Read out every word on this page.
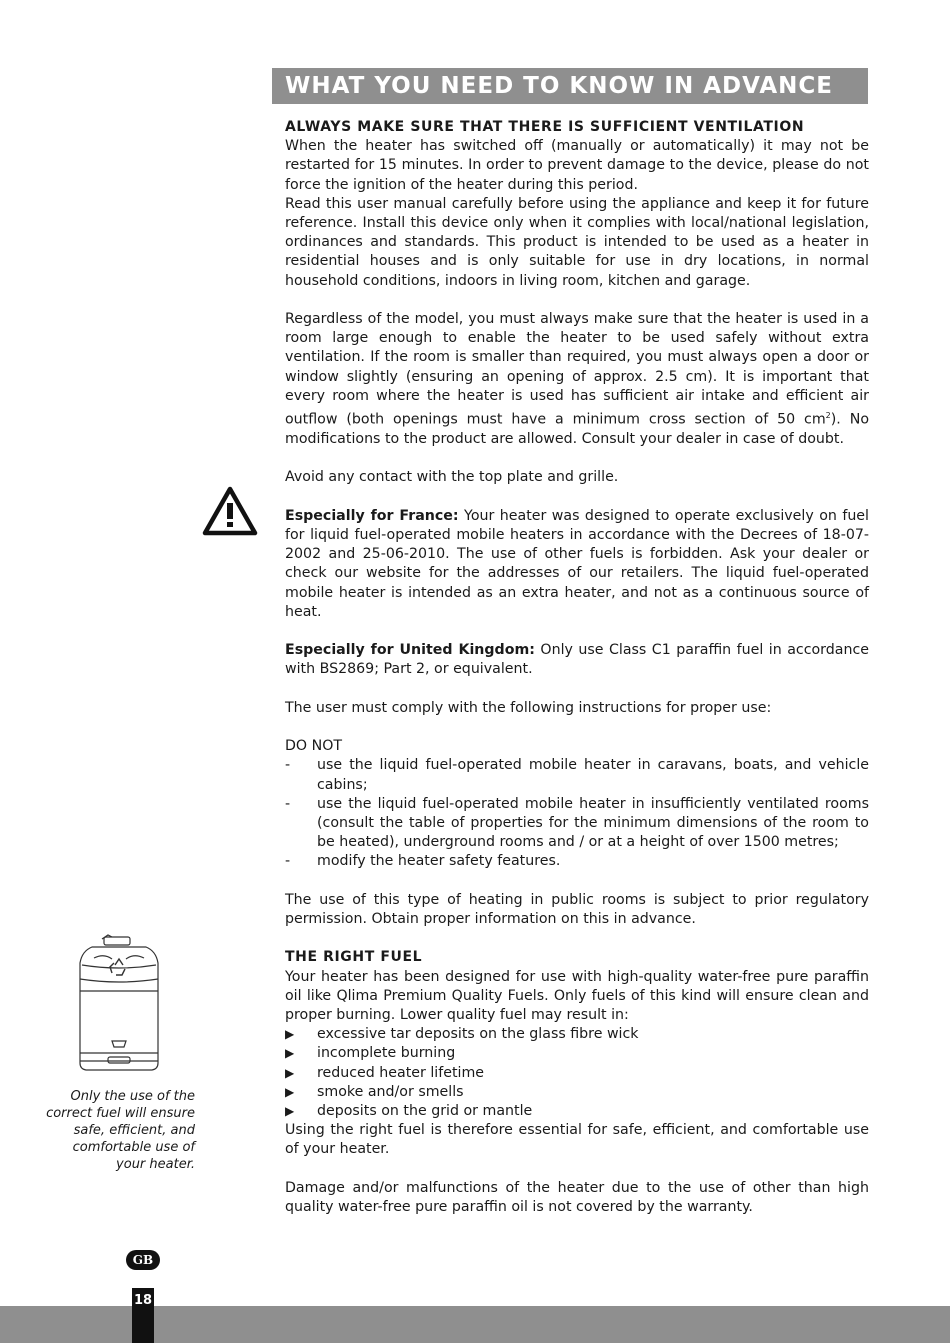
WHAT YOU NEED TO KNOW IN ADVANCE

ALWAYS MAKE SURE THAT THERE IS SUFFICIENT VENTILATION

When the heater has switched off (manually or automatically) it may not be restarted for 15 minutes. In order to prevent damage to the device, please do not force the ignition of the heater during this period.

Read this user manual carefully before using the appliance and keep it for future reference. Install this device only when it complies with local/national legislation, ordinances and standards. This product is intended to be used as a heater in residential houses and is only suitable for use in dry locations, in normal household conditions, indoors in living room, kitchen and garage.

Regardless of the model, you must always make sure that the heater is used in a room large enough to enable the heater to be used safely without extra ventilation. If the room is smaller than required, you must always open a door or window slightly (ensuring an opening of approx. 2.5 cm). It is important that every room where the heater is used has sufficient air intake and efficient air outflow (both openings must have a minimum cross section of 50 $cm^2$). No modifications to the product are allowed. Consult your dealer in case of doubt.

Avoid any contact with the top plate and grille.

Especially for France: Your heater was designed to operate exclusively on fuel for liquid fuel-operated mobile heaters in accordance with the Decrees of 18-07-2002 and 25-06-2010. The use of other fuels is forbidden. Ask your dealer or check our website for the addresses of our retailers. The liquid fuel-operated mobile heater is intended as an extra heater, and not as a continuous source of heat.

Especially for United Kingdom: Only use Class C1 paraffin fuel in accordance with BS2869; Part 2, or equivalent.

The user must comply with the following instructions for proper use:

DO NOT

- use the liquid fuel-operated mobile heater in caravans, boats, and vehicle cabins;
- use the liquid fuel-operated mobile heater in insufficiently ventilated rooms (consult the table of properties for the minimum dimensions of the room to be heated), underground rooms and / or at a height of over 1500 metres;
- modify the heater safety features.

The use of this type of heating in public rooms is subject to prior regulatory permission. Obtain proper information on this in advance.

THE RIGHT FUEL

Your heater has been designed for use with high-quality water-free pure paraffin oil like Qlima Premium Quality Fuels. Only fuels of this kind will ensure clean and proper burning. Lower quality fuel may result in:

▶ excessive tar deposits on the glass fibre wick
▶ incomplete burning
▶ reduced heater lifetime
▶ smoke and/or smells
▶ deposits on the grid or mantle

Using the right fuel is therefore essential for safe, efficient, and comfortable use of your heater.

Damage and/or malfunctions of the heater due to the use of other than high quality water-free pure paraffin oil is not covered by the warranty.

Only the use of the correct fuel will ensure safe, efficient, and comfortable use of your heater.
GB
18
